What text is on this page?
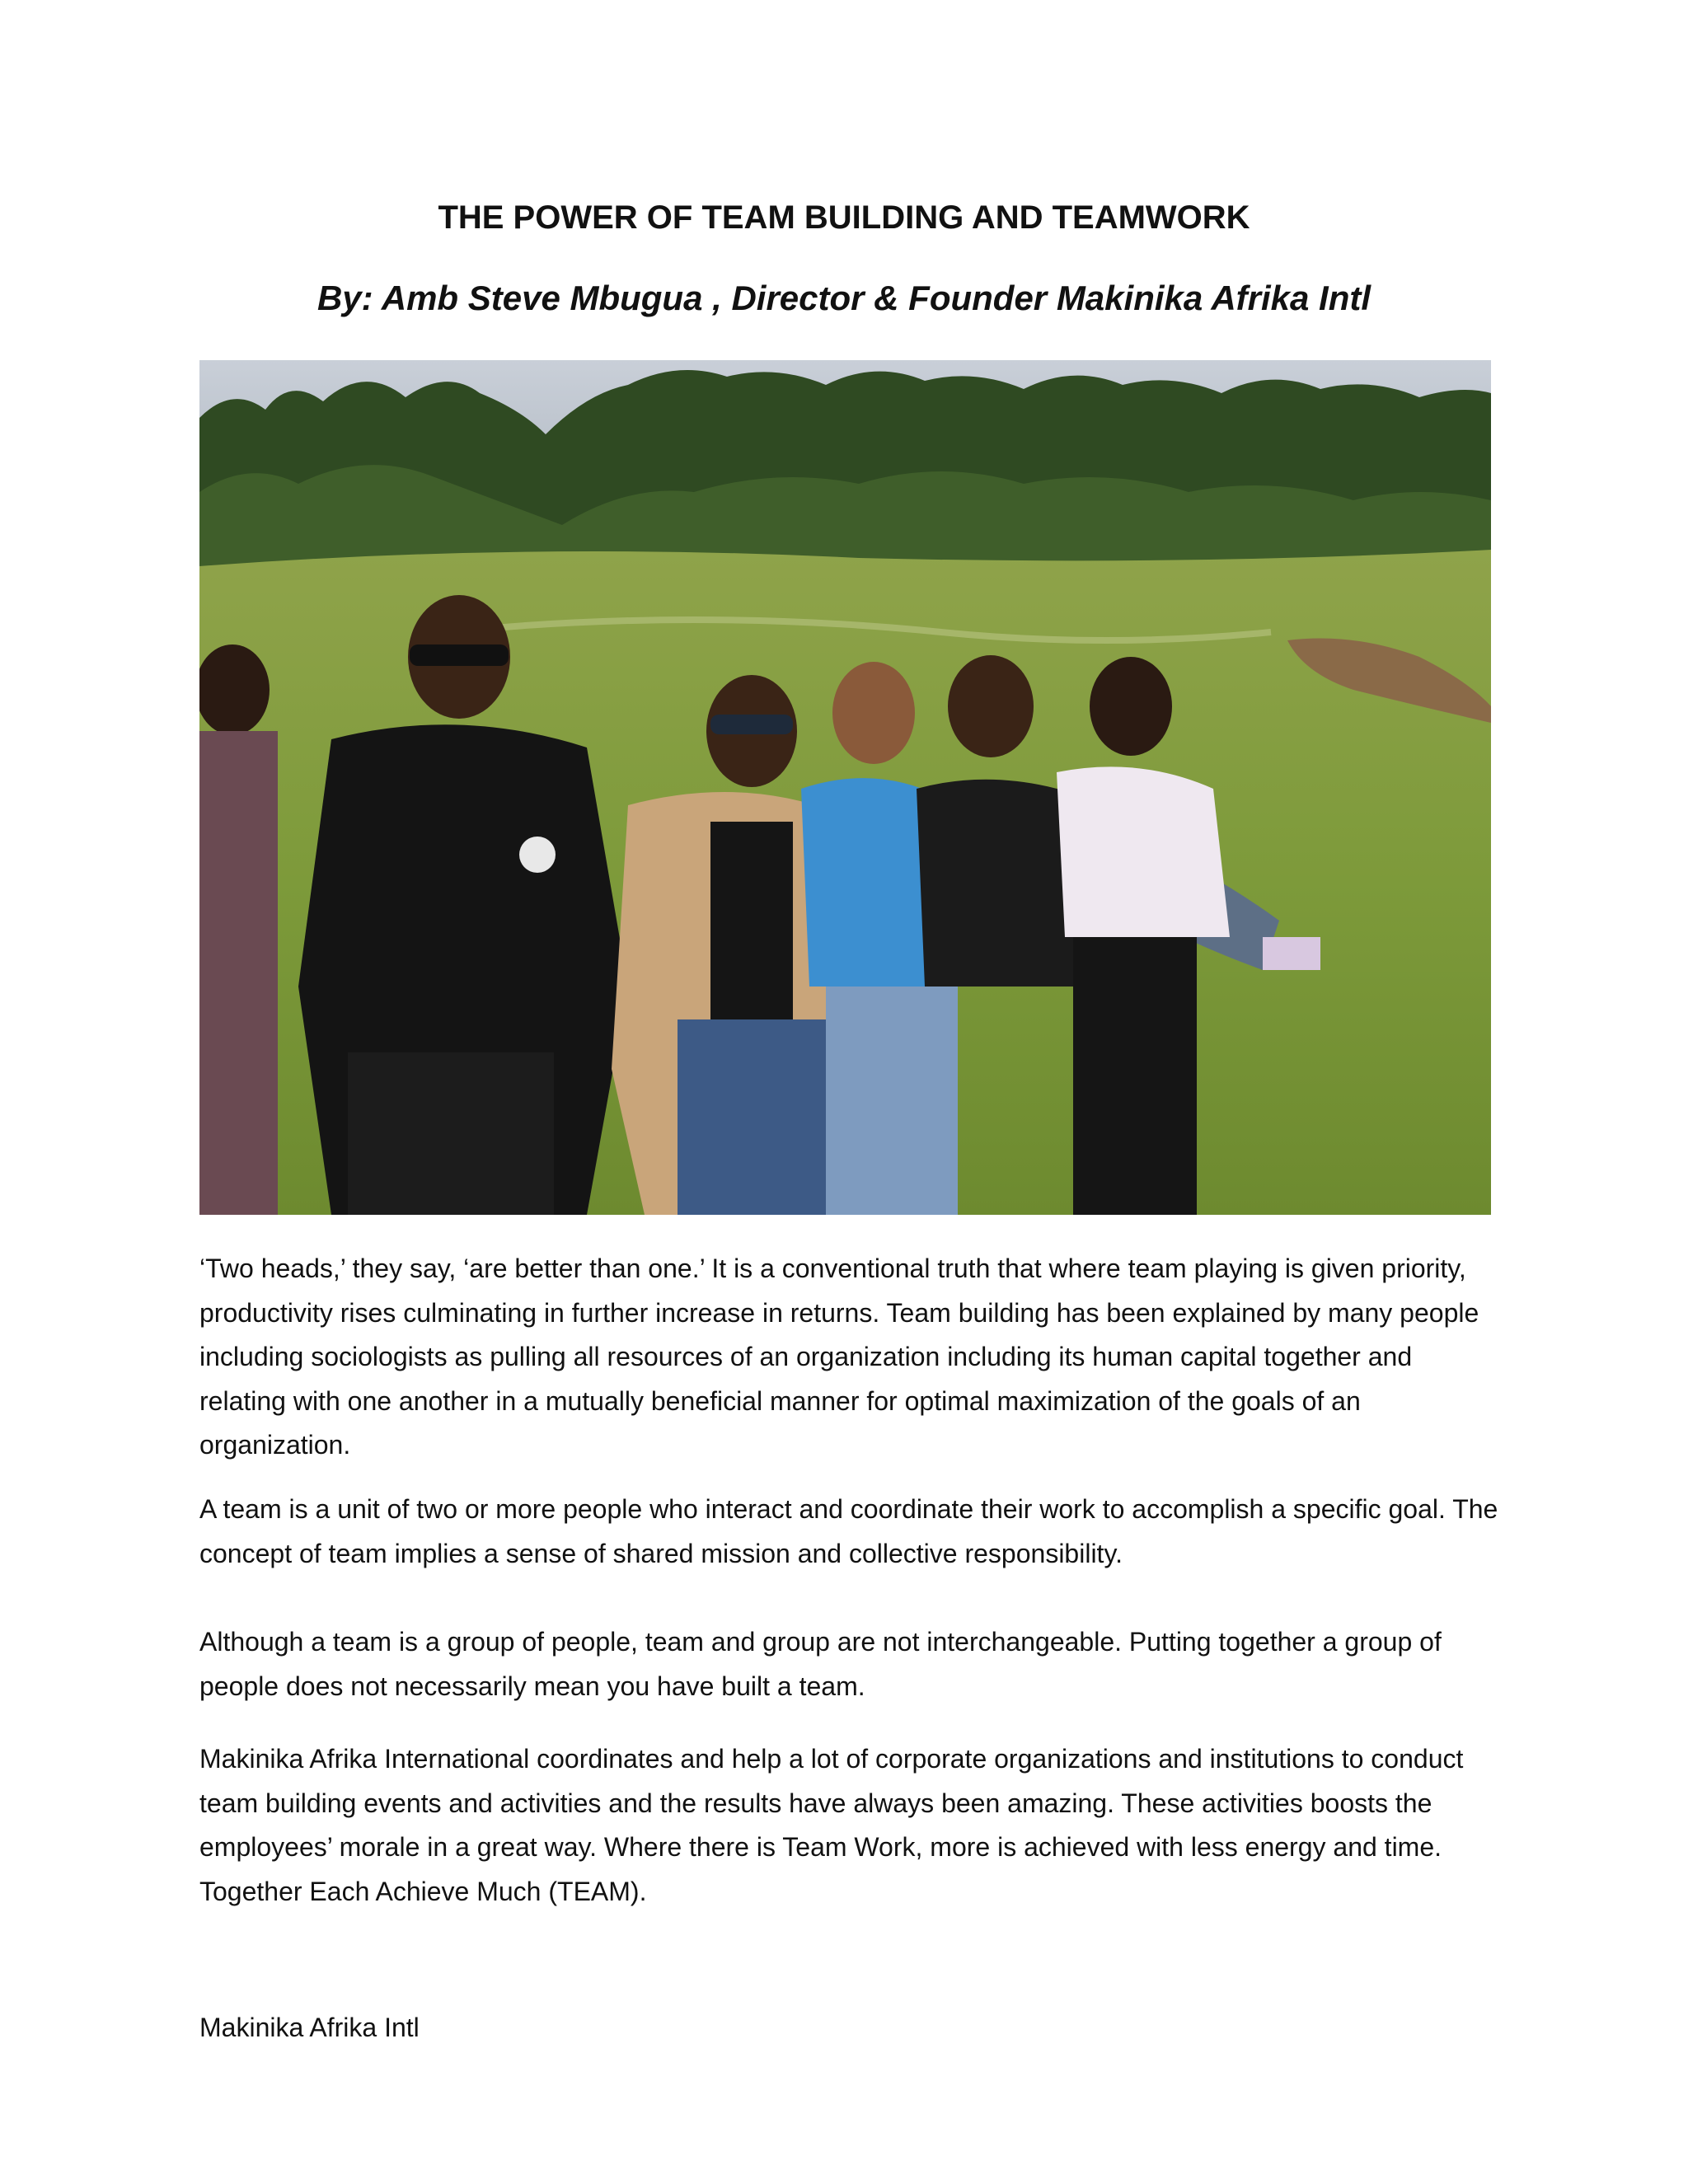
THE POWER OF TEAM BUILDING AND TEAMWORK
By: Amb Steve Mbugua , Director & Founder Makinika Afrika Intl

‘Two heads,’ they say, ‘are better than one.’ It is a conventional truth that where team playing is given priority, productivity rises culminating in further increase in returns. Team building has been explained by many people including sociologists as pulling all resources of an organization including its human capital together and relating with one another in a mutually beneficial manner for optimal maximization of the goals of an organization.

A team is a unit of two or more people who interact and coordinate their work to accomplish a specific goal. The concept of team implies a sense of shared mission and collective responsibility.

Although a team is a group of people, team and group are not interchangeable. Putting together a group of people does not necessarily mean you have built a team.

Makinika Afrika International coordinates and help a lot of corporate organizations and institutions to conduct team building events and activities and the results have always been amazing. These activities boosts the employees’ morale in a great way. Where there is Team Work, more is achieved with less energy and time. Together Each Achieve Much (TEAM).

Makinika Afrika Intl
